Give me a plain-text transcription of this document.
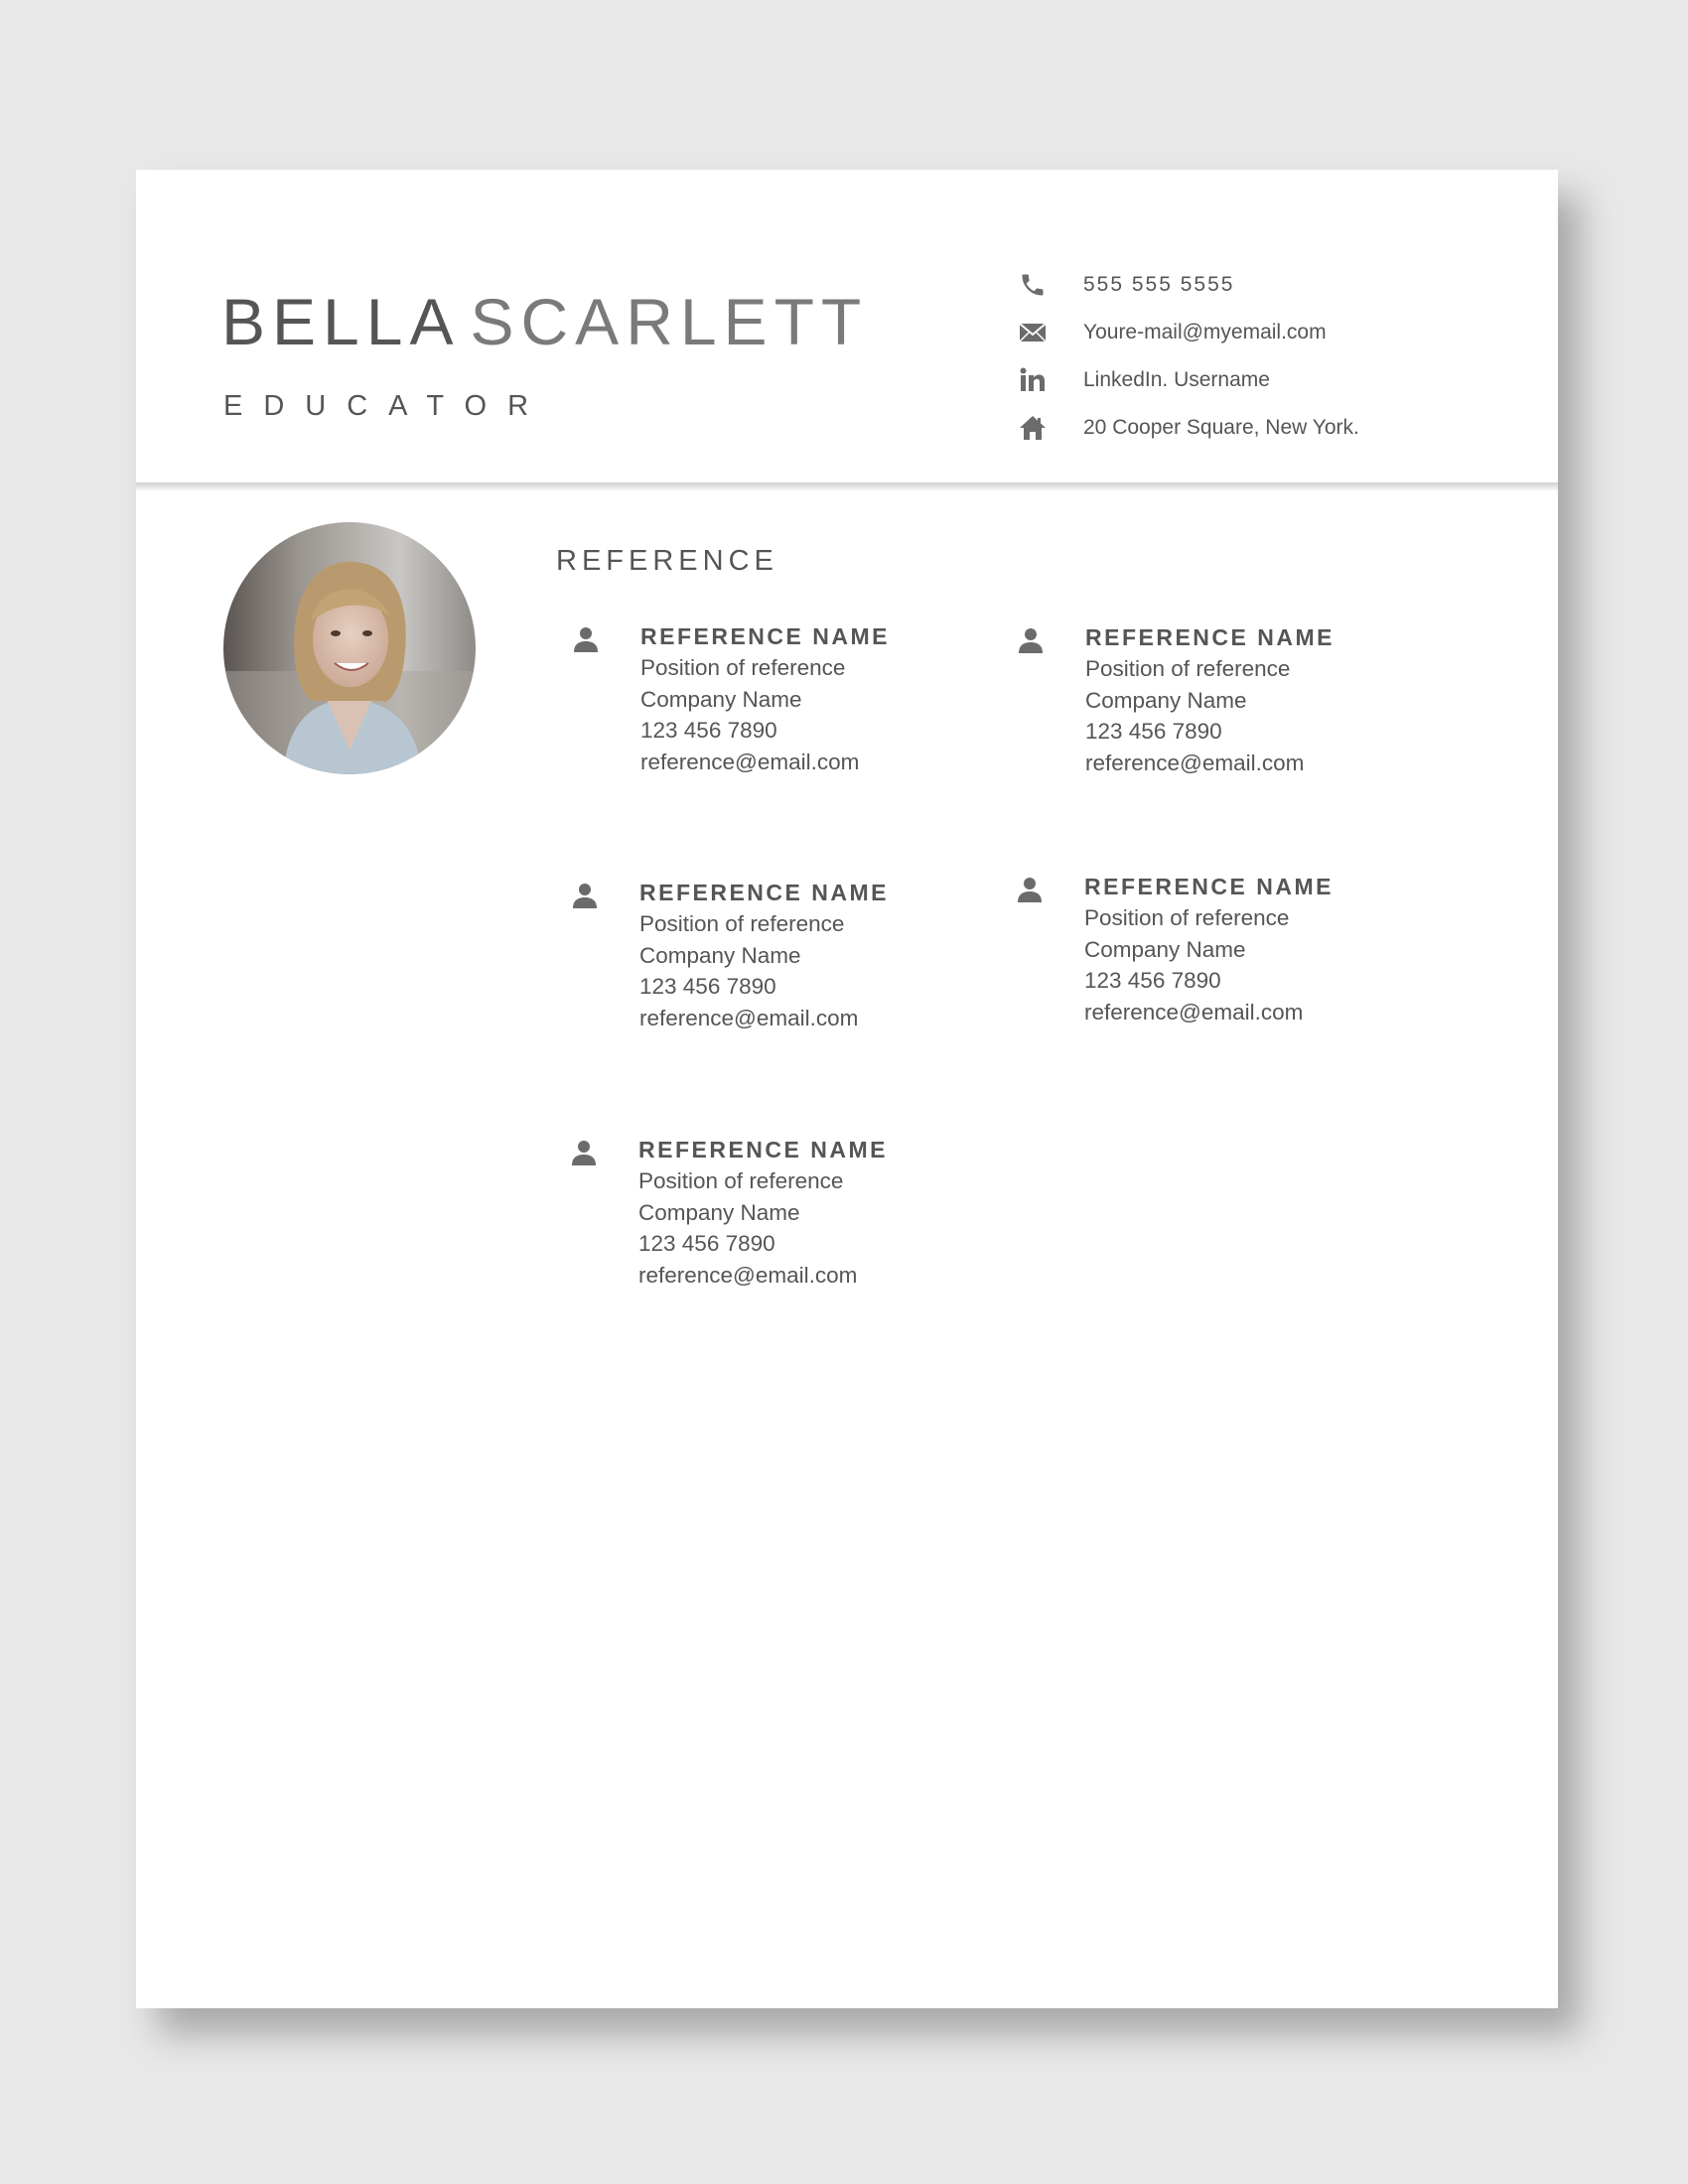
BELLA SCARLETT
EDUCATOR
555 555 5555
Youre-mail@myemail.com
LinkedIn. Username
20 Cooper Square, New York.
REFERENCE
REFERENCE NAME
Position of reference
Company Name
123 456 7890
reference@email.com
REFERENCE NAME
Position of reference
Company Name
123 456 7890
reference@email.com
REFERENCE NAME
Position of reference
Company Name
123 456 7890
reference@email.com
REFERENCE NAME
Position of reference
Company Name
123 456 7890
reference@email.com
REFERENCE NAME
Position of reference
Company Name
123 456 7890
reference@email.com
